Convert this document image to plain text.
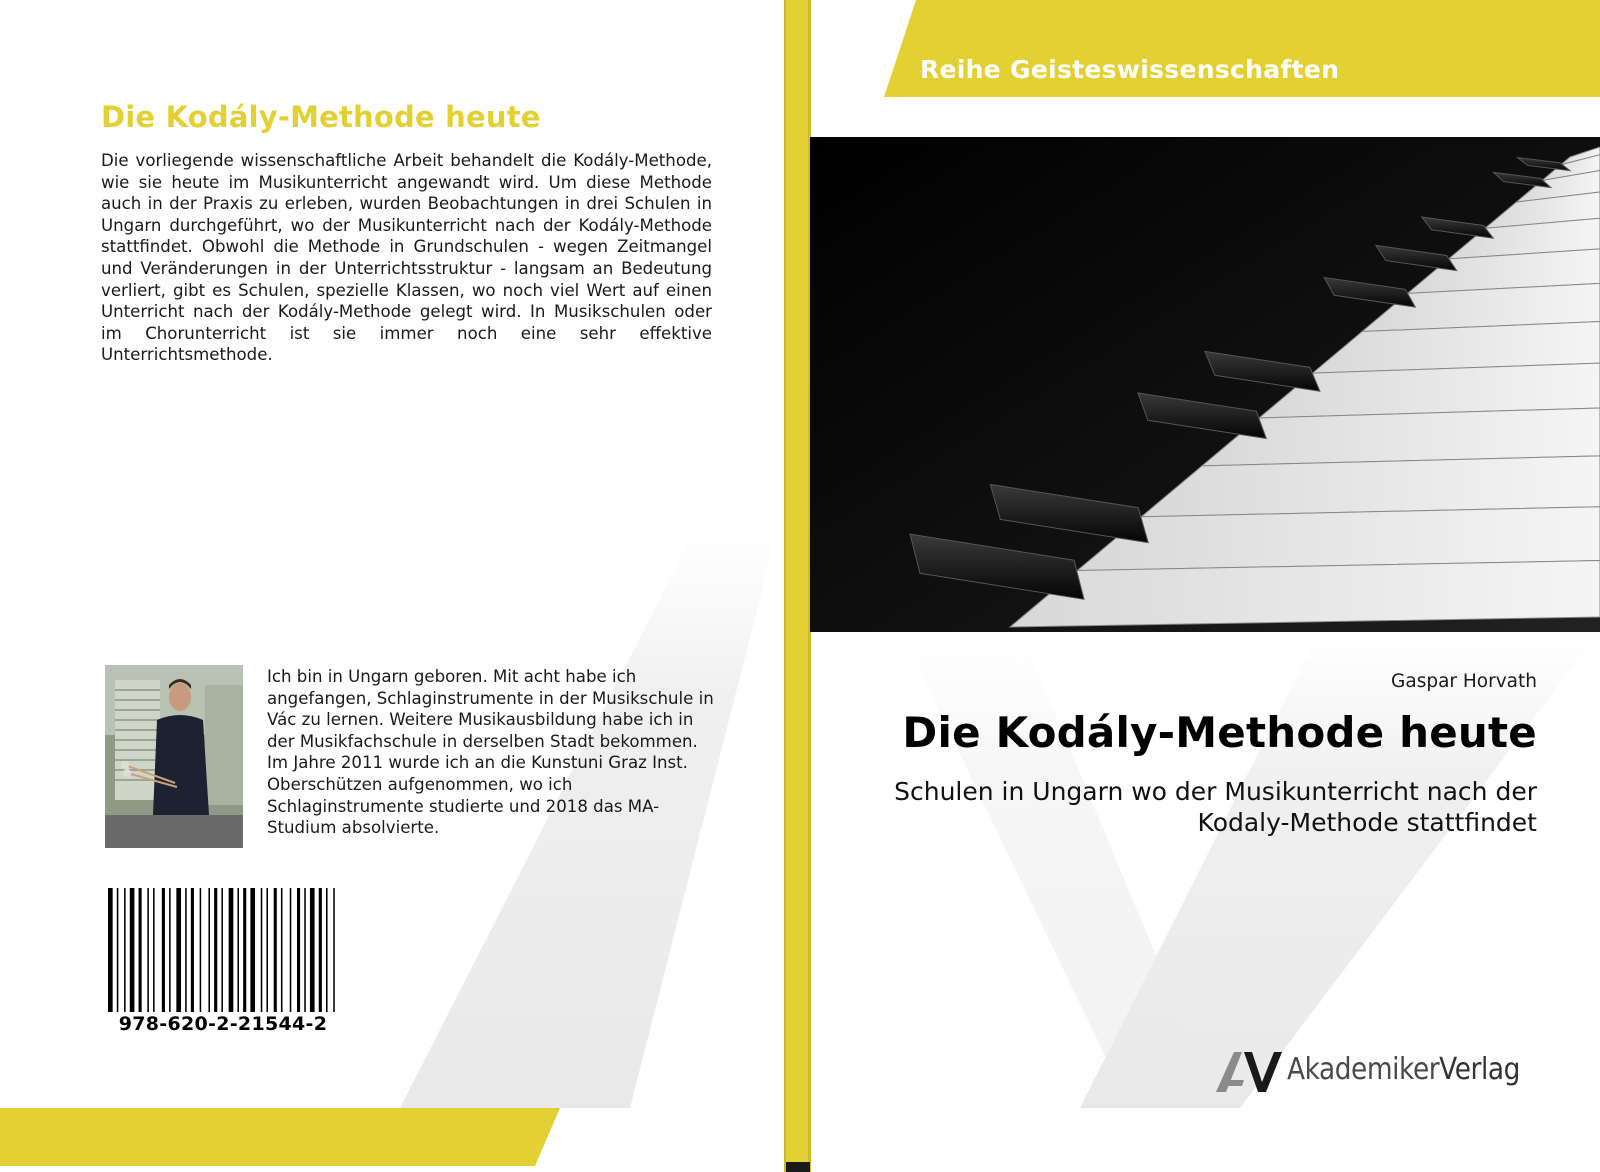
Die Kodály-Methode heute
Die vorliegende wissenschaftliche Arbeit behandelt die Kodály-Methode, wie sie heute im Musikunterricht angewandt wird. Um diese Methode auch in der Praxis zu erleben, wurden Beobachtungen in drei Schulen in Ungarn durchgeführt, wo der Musikunterricht nach der Kodály-Methode stattfindet. Obwohl die Methode in Grundschulen - wegen Zeitmangel und Veränderungen in der Unterrichtsstruktur - langsam an Bedeutung verliert, gibt es Schulen, spezielle Klassen, wo noch viel Wert auf einen Unterricht nach der Kodály-Methode gelegt wird. In Musikschulen oder im Chorunterricht ist sie immer noch eine sehr effektive Unterrichtsmethode.
Ich bin in Ungarn geboren. Mit acht habe ich angefangen, Schlaginstrumente in der Musikschule in Vác zu lernen. Weitere Musikausbildung habe ich in der Musikfachschule in derselben Stadt bekommen. Im Jahre 2011 wurde ich an die Kunstuni Graz Inst. Oberschützen aufgenommen, wo ich Schlaginstrumente studierte und 2018 das MA-Studium absolvierte.
978-620-2-21544-2
Reihe Geisteswissenschaften
Gaspar Horvath
Die Kodály-Methode heute
Schulen in Ungarn wo der Musikunterricht nach der
Kodaly-Methode stattfindet
AkademikerVerlag
